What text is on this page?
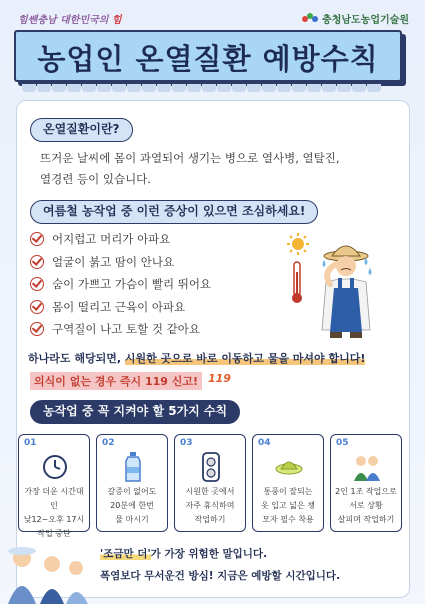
힘쎈충남 대한민국의 힘	충청남도농업기술원
농업인 온열질환 예방수칙
온열질환이란?
뜨거운 날씨에 몸이 과열되어 생기는 병으로 열사병, 열탈진,
열경련 등이 있습니다.
여름철 농작업 중 이런 증상이 있으면 조심하세요!
어지럽고 머리가 아파요
얼굴이 붉고 땀이 안나요
숨이 가쁘고 가슴이 빨리 뛰어요
몸이 떨리고 근육이 아파요
구역질이 나고 토할 것 같아요
하나라도 해당되면, 시원한 곳으로 바로 이동하고 물을 마셔야 합니다!
의식이 없는 경우 즉시 119 신고! 119
농작업 중 꼭 지켜야 할 5가지 수칙
01
가장 더운 시간대인
낮12~오후 17시
작업 중단
02
갈증이 없어도
20분에 한번
물 마시기
03
시원한 곳에서
자주 휴식하며
작업하기
04
통풍이 잘되는
옷 입고 넓은 챙
모자 필수 착용
05
2인 1조 작업으로
서로 상황
살피며 작업하기
'조금만 더'가 가장 위험한 말입니다.
폭염보다 무서운건 방심! 지금은 예방할 시간입니다.
